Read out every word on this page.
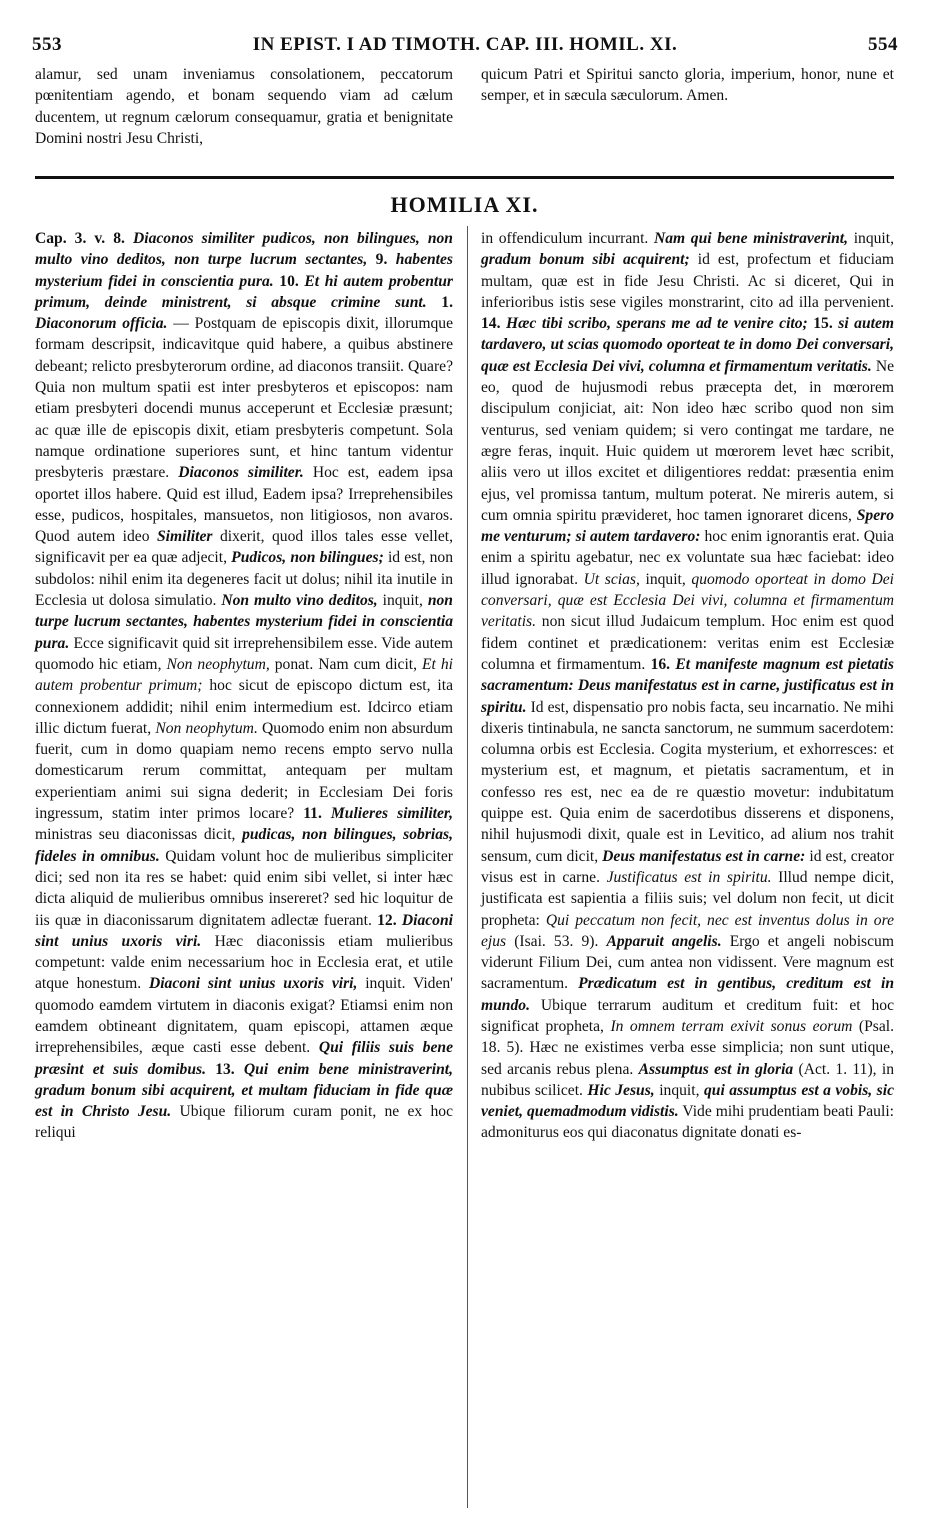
553	IN EPIST. I AD TIMOTH. CAP. III. HOMIL. XI.	554

alamur, sed unam inveniamus consolationem, peccatorum pœnitentiam agendo, et bonam sequendo viam ad cælum ducentem, ut regnum cælorum consequamur, gratia et benignitate Domini nostri Jesu Christi,

quicum Patri et Spiritui sancto gloria, imperium, honor, nune et semper, et in sæcula sæculorum. Amen.

HOMILIA XI.

Cap. 3. v. 8. Diaconos similiter pudicos, non bilingues, non multo vino deditos, non turpe lucrum sectantes, 9. habentes mysterium fidei in conscientia pura. 10. Et hi autem probentur primum, deinde ministrent, si absque crimine sunt. 1. Diaconorum officia. — Postquam de episcopis dixit, illorumque formam descripsit, indicavitque quid habere, a quibus abstinere debeant; relicto presbyterorum ordine, ad diaconos transiit. Quare? Quia non multum spatii est inter presbyteros et episcopos: nam etiam presbyteri docendi munus acceperunt et Ecclesiæ præsunt; ac quæ ille de episcopis dixit, etiam presbyteris competunt. Sola namque ordinatione superiores sunt, et hinc tantum videntur presbyteris præstare. Diaconos similiter. Hoc est, eadem ipsa oportet illos habere. Quid est illud, Eadem ipsa? Irreprehensibiles esse, pudicos, hospitales, mansuetos, non litigiosos, non avaros. Quod autem ideo Similiter dixerit, quod illos tales esse vellet, significavit per ea quæ adjecit, Pudicos, non bilingues; id est, non subdolos: nihil enim ita degeneres facit ut dolus; nihil ita inutile in Ecclesia ut dolosa simulatio. Non multo vino deditos, inquit, non turpe lucrum sectantes, habentes mysterium fidei in conscientia pura. Ecce significavit quid sit irreprehensibilem esse. Vide autem quomodo hic etiam, Non neophytum, ponat. Nam cum dicit, Et hi autem probentur primum; hoc sicut de episcopo dictum est, ita connexionem addidit; nihil enim intermedium est. Idcirco etiam illic dictum fuerat, Non neophytum. Quomodo enim non absurdum fuerit, cum in domo quapiam nemo recens empto servo nulla domesticarum rerum committat, antequam per multam experientiam animi sui signa dederit; in Ecclesiam Dei foris ingressum, statim inter primos locare? 11. Mulieres similiter, ministras seu diaconissas dicit, pudicas, non bilingues, sobrias, fideles in omnibus. Quidam volunt hoc de mulieribus simpliciter dici; sed non ita res se habet: quid enim sibi vellet, si inter hæc dicta aliquid de mulieribus omnibus insereret? sed hic loquitur de iis quæ in diaconissarum dignitatem adlectæ fuerant. 12. Diaconi sint unius uxoris viri. Hæc diaconissis etiam mulieribus competunt: valde enim necessarium hoc in Ecclesia erat, et utile atque honestum. Diaconi sint unius uxoris viri, inquit. Viden' quomodo eamdem virtutem in diaconis exigat? Etiamsi enim non eamdem obtineant dignitatem, quam episcopi, attamen æque irreprehensibiles, æque casti esse debent. Qui filiis suis bene præsint et suis domibus. 13. Qui enim bene ministraverint, gradum bonum sibi acquirent, et multam fiduciam in fide quæ est in Christo Jesu. Ubique filiorum curam ponit, ne ex hoc reliqui

in offendiculum incurrant. Nam qui bene ministraverint, inquit, gradum bonum sibi acquirent; id est, profectum et fiduciam multam, quæ est in fide Jesu Christi. Ac si diceret, Qui in inferioribus istis sese vigiles monstrarint, cito ad illa pervenient. 14. Hæc tibi scribo, sperans me ad te venire cito; 15. si autem tardavero, ut scias quomodo oporteat te in domo Dei conversari, quæ est Ecclesia Dei vivi, columna et firmamentum veritatis. Ne eo, quod de hujusmodi rebus præcepta det, in mœrorem discipulum conjiciat, ait: Non ideo hæc scribo quod non sim venturus, sed veniam quidem; si vero contingat me tardare, ne ægre feras, inquit. Huic quidem ut mœrorem levet hæc scribit, aliis vero ut illos excitet et diligentiores reddat: præsentia enim ejus, vel promissa tantum, multum poterat. Ne mireris autem, si cum omnia spiritu prævideret, hoc tamen ignoraret dicens, Spero me venturum; si autem tardavero: hoc enim ignorantis erat. Quia enim a spiritu agebatur, nec ex voluntate sua hæc faciebat: ideo illud ignorabat. Ut scias, inquit, quomodo oporteat in domo Dei conversari, quæ est Ecclesia Dei vivi, columna et firmamentum veritatis. non sicut illud Judaicum templum. Hoc enim est quod fidem continet et prædicationem: veritas enim est Ecclesiæ columna et firmamentum. 16. Et manifeste magnum est pietatis sacramentum: Deus manifestatus est in carne, justificatus est in spiritu. Id est, dispensatio pro nobis facta, seu incarnatio. Ne mihi dixeris tintinabula, ne sancta sanctorum, ne summum sacerdotem: columna orbis est Ecclesia. Cogita mysterium, et exhorresces: et mysterium est, et magnum, et pietatis sacramentum, et in confesso res est, nec ea de re quæstio movetur: indubitatum quippe est. Quia enim de sacerdotibus disserens et disponens, nihil hujusmodi dixit, quale est in Levitico, ad alium nos trahit sensum, cum dicit, Deus manifestatus est in carne: id est, creator visus est in carne. Justificatus est in spiritu. Illud nempe dicit, justificata est sapientia a filiis suis; vel dolum non fecit, ut dicit propheta: Qui peccatum non fecit, nec est inventus dolus in ore ejus (Isai. 53. 9). Apparuit angelis. Ergo et angeli nobiscum viderunt Filium Dei, cum antea non vidissent. Vere magnum est sacramentum. Prædicatum est in gentibus, creditum est in mundo. Ubique terrarum auditum et creditum fuit: et hoc significat propheta, In omnem terram exivit sonus eorum (Psal. 18. 5). Hæc ne existimes verba esse simplicia; non sunt utique, sed arcanis rebus plena. Assumptus est in gloria (Act. 1. 11), in nubibus scilicet. Hic Jesus, inquit, qui assumptus est a vobis, sic veniet, quemadmodum vidistis. Vide mihi prudentiam beati Pauli: admoniturus eos qui diaconatus dignitate donati es-
